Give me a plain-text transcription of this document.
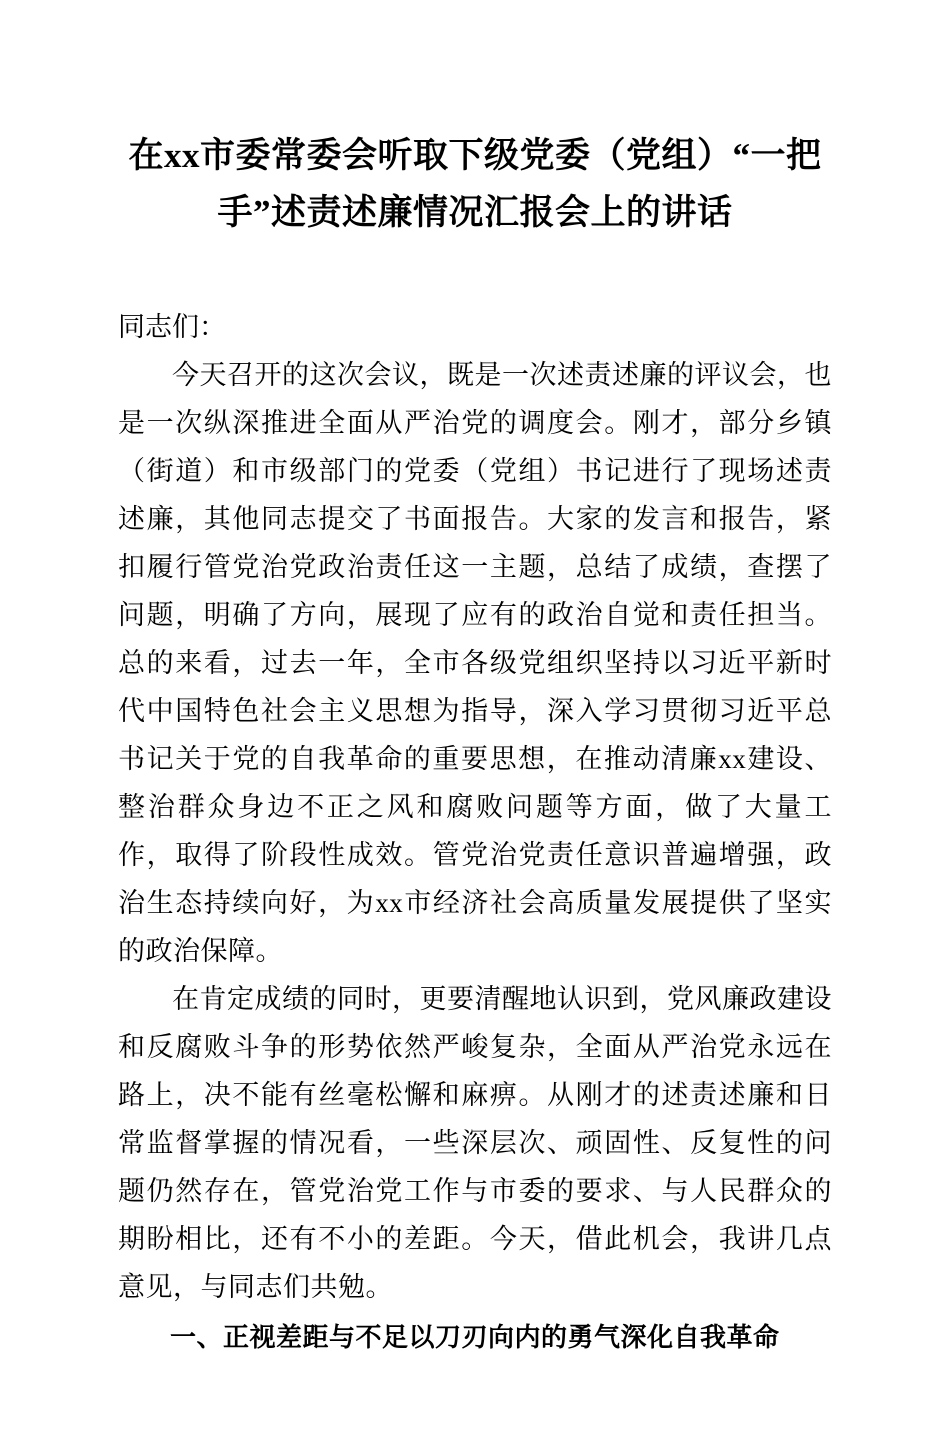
在xx市委常委会听取下级党委（党组）“一把手”述责述廉情况汇报会上的讲话

同志们：

今天召开的这次会议，既是一次述责述廉的评议会，也是一次纵深推进全面从严治党的调度会。刚才，部分乡镇（街道）和市级部门的党委（党组）书记进行了现场述责述廉，其他同志提交了书面报告。大家的发言和报告，紧扣履行管党治党政治责任这一主题，总结了成绩，查摆了问题，明确了方向，展现了应有的政治自觉和责任担当。总的来看，过去一年，全市各级党组织坚持以习近平新时代中国特色社会主义思想为指导，深入学习贯彻习近平总书记关于党的自我革命的重要思想，在推动清廉xx建设、整治群众身边不正之风和腐败问题等方面，做了大量工作，取得了阶段性成效。管党治党责任意识普遍增强，政治生态持续向好，为xx市经济社会高质量发展提供了坚实的政治保障。

在肯定成绩的同时，更要清醒地认识到，党风廉政建设和反腐败斗争的形势依然严峻复杂，全面从严治党永远在路上，决不能有丝毫松懈和麻痹。从刚才的述责述廉和日常监督掌握的情况看，一些深层次、顽固性、反复性的问题仍然存在，管党治党工作与市委的要求、与人民群众的期盼相比，还有不小的差距。今天，借此机会，我讲几点意见，与同志们共勉。

一、正视差距与不足以刀刃向内的勇气深化自我革命
